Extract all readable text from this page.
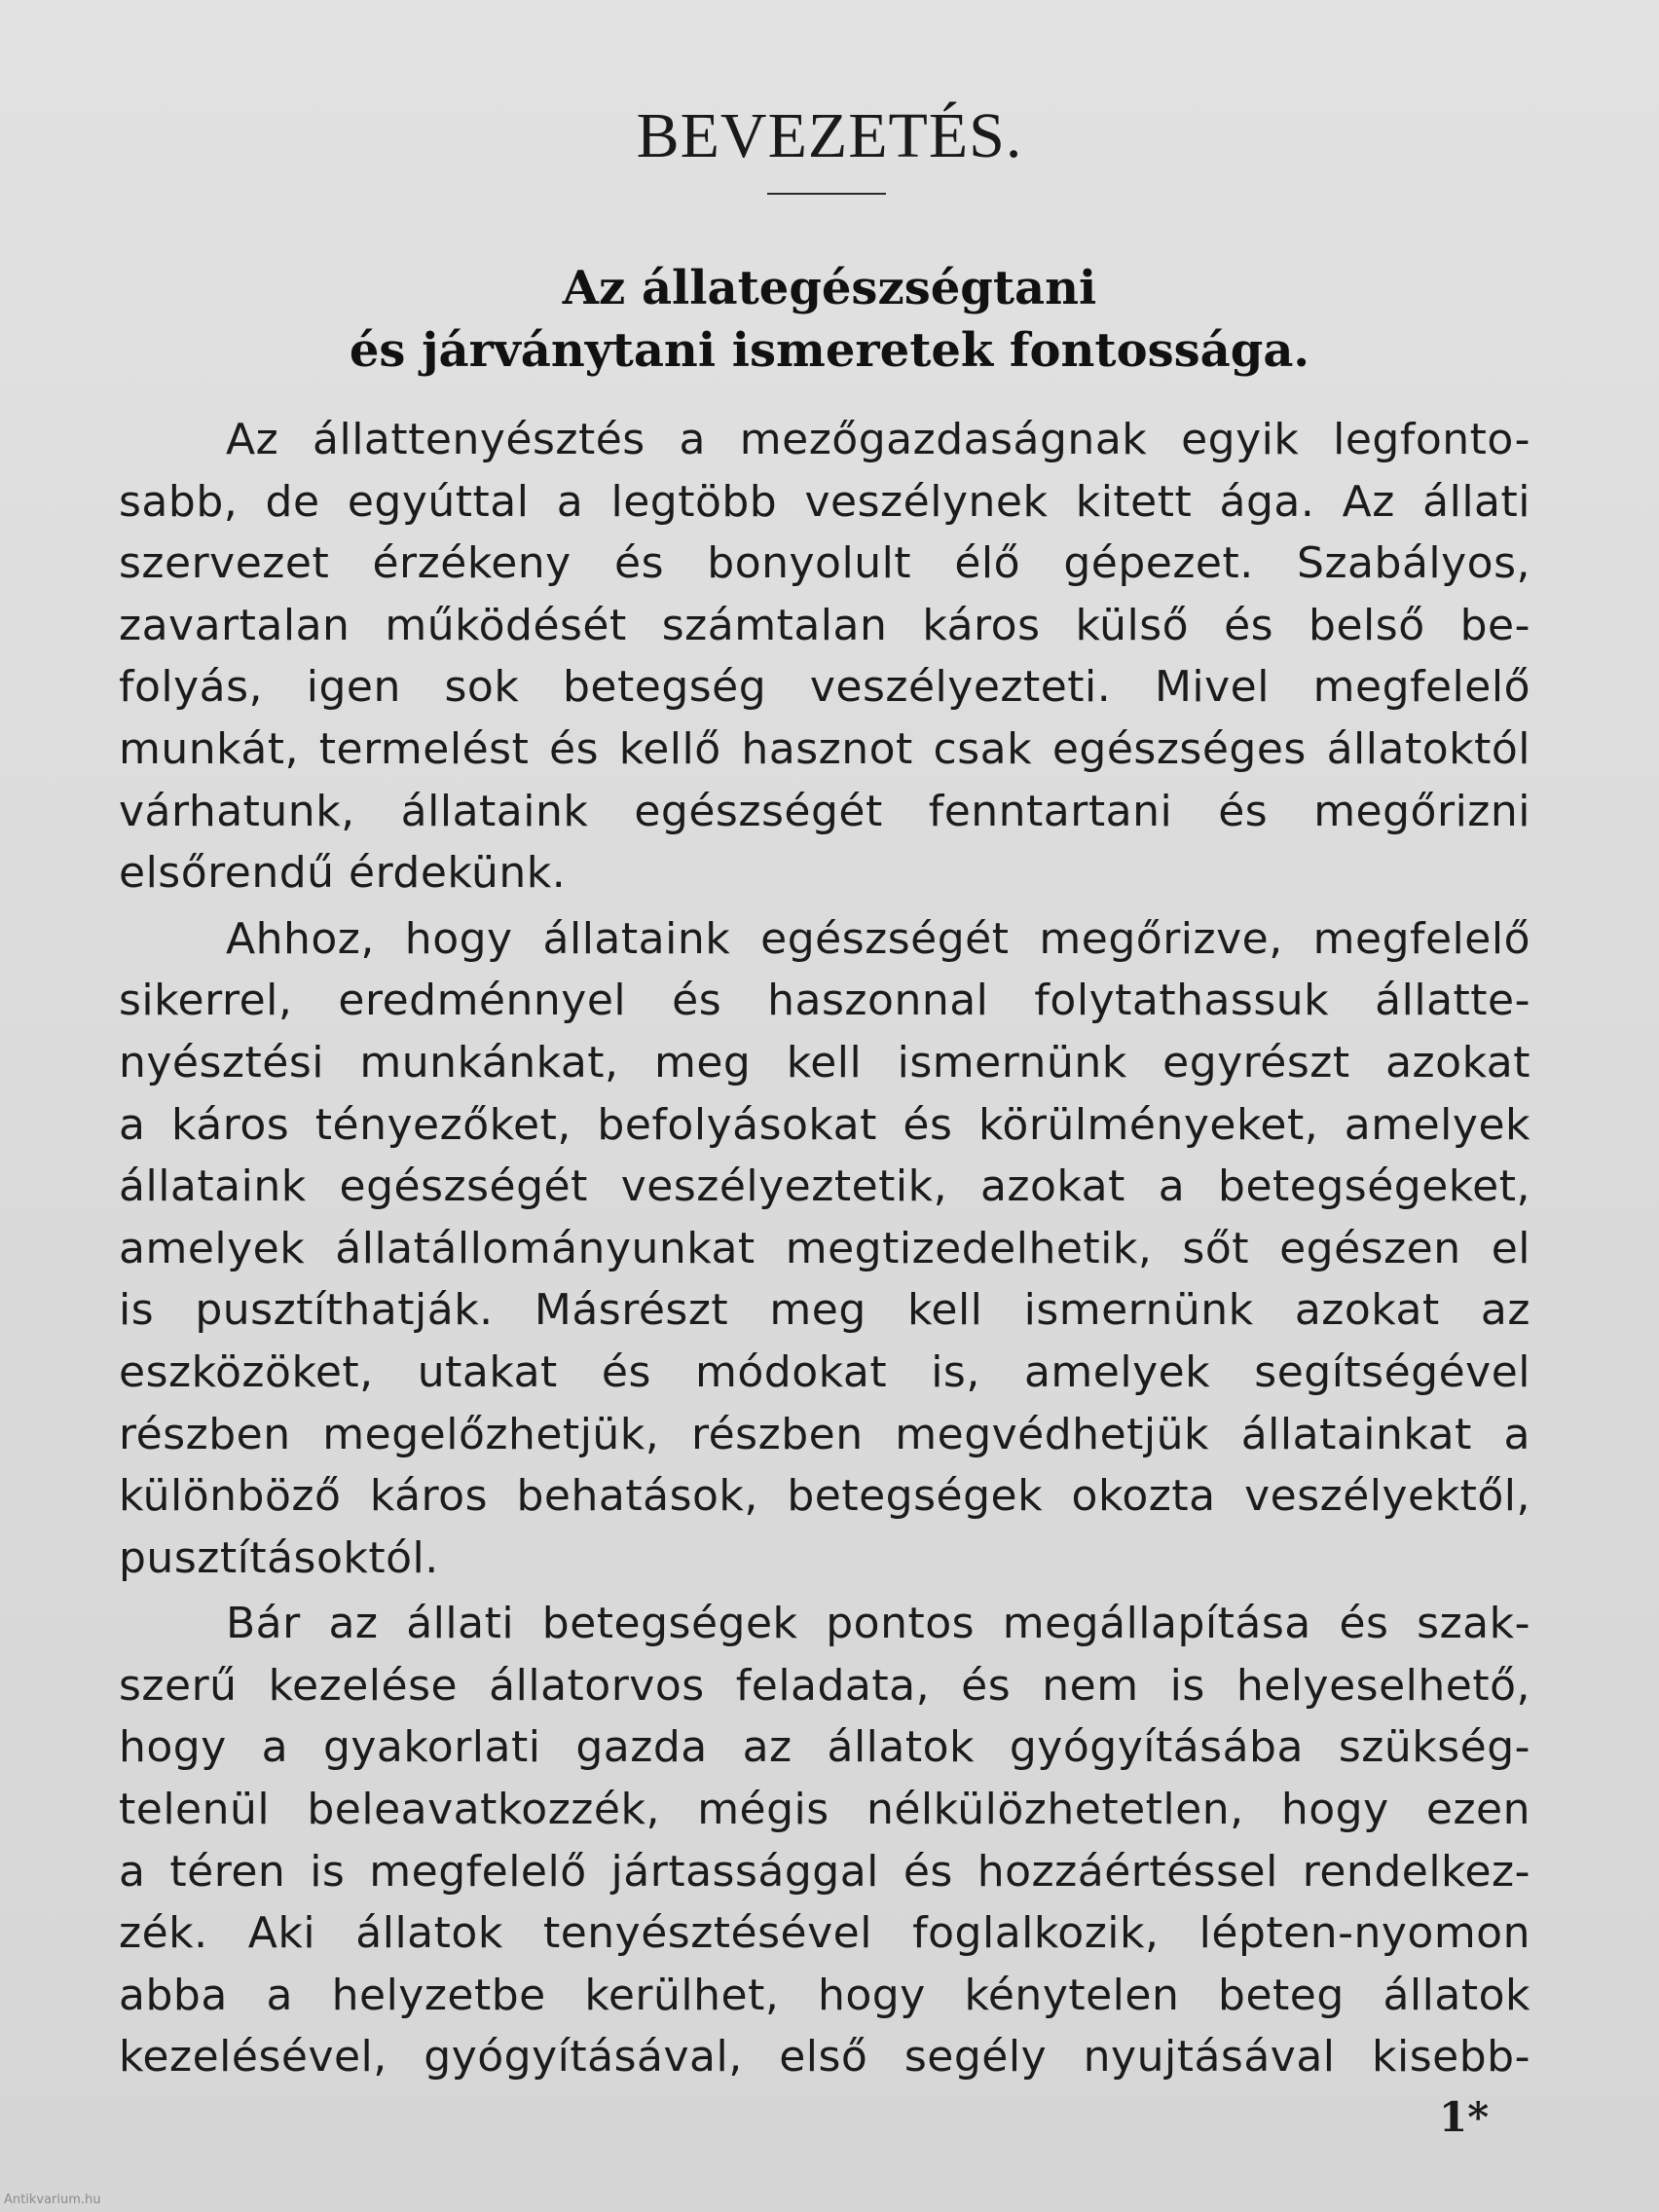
BEVEZETÉS.
Az állategészségtani
és járványtani ismeretek fontossága.
Az állattenyésztés a mezőgazdaságnak egyik legfonto-
sabb, de egyúttal a legtöbb veszélynek kitett ága. Az állati
szervezet érzékeny és bonyolult élő gépezet. Szabályos,
zavartalan működését számtalan káros külső és belső be-
folyás, igen sok betegség veszélyezteti. Mivel megfelelő
munkát, termelést és kellő hasznot csak egészséges állatoktól
várhatunk, állataink egészségét fenntartani és megőrizni
elsőrendű érdekünk.
Ahhoz, hogy állataink egészségét megőrizve, megfelelő
sikerrel, eredménnyel és haszonnal folytathassuk állatte-
nyésztési munkánkat, meg kell ismernünk egyrészt azokat
a káros tényezőket, befolyásokat és körülményeket, amelyek
állataink egészségét veszélyeztetik, azokat a betegségeket,
amelyek állatállományunkat megtizedelhetik, sőt egészen el
is pusztíthatják. Másrészt meg kell ismernünk azokat az
eszközöket, utakat és módokat is, amelyek segítségével
részben megelőzhetjük, részben megvédhetjük állatainkat a
különböző káros behatások, betegségek okozta veszélyektől,
pusztításoktól.
Bár az állati betegségek pontos megállapítása és szak-
szerű kezelése állatorvos feladata, és nem is helyeselhető,
hogy a gyakorlati gazda az állatok gyógyításába szükség-
telenül beleavatkozzék, mégis nélkülözhetetlen, hogy ezen
a téren is megfelelő jártassággal és hozzáértéssel rendelkez-
zék. Aki állatok tenyésztésével foglalkozik, lépten-nyomon
abba a helyzetbe kerülhet, hogy kénytelen beteg állatok
kezelésével, gyógyításával, első segély nyujtásával kisebb-
1*
Antikvarium.hu
